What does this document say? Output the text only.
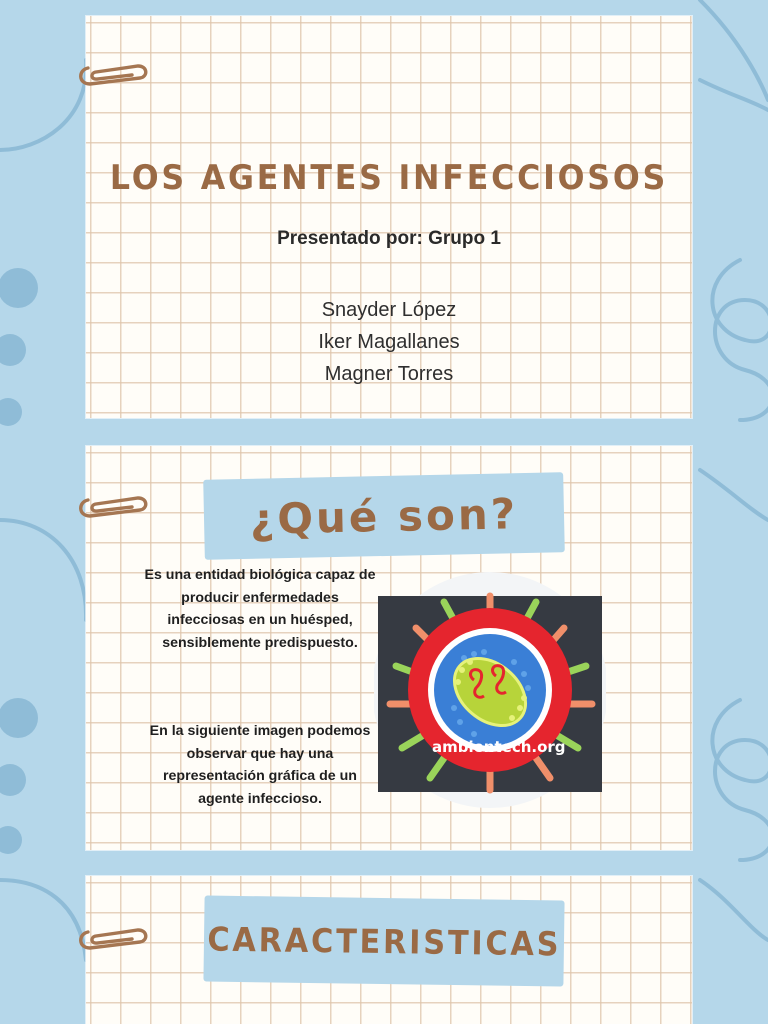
LOS AGENTES INFECCIOSOS
Presentado por: Grupo 1
Snayder López
Iker Magallanes
Magner Torres
¿Qué son?

Es una entidad biológica capaz de producir enfermedades infecciosas en un huésped, sensiblemente predispuesto.

En la siguiente imagen podemos observar que hay una representación gráfica de un agente infeccioso.

ambientech.org
CARACTERISTICAS
